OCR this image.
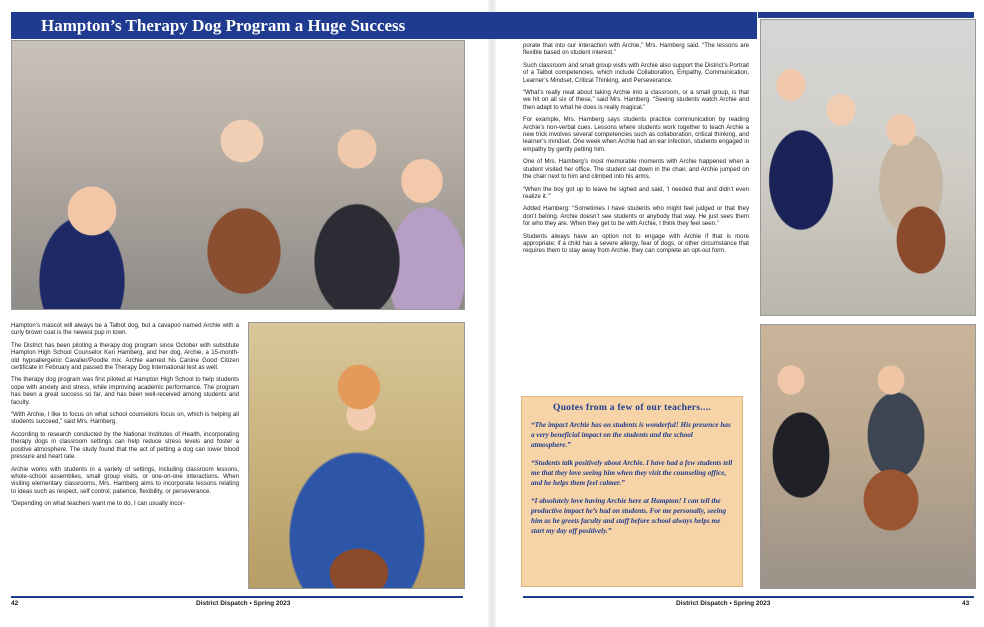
Hampton’s Therapy Dog Program a Huge Success

Hampton’s mascot will always be a Talbot dog, but a cavapoo named Archie with a curly brown coat is the newest pup in town.

The District has been piloting a therapy dog program since October with substitute Hampton High School Counselor Keri Hamberg, and her dog, Archie, a 15-month-old hypoallergenic Cavalier/Poodle mix. Archie earned his Canine Good Citizen certificate in February and passed the Therapy Dog International test as well.

The therapy dog program was first piloted at Hampton High School to help students cope with anxiety and stress, while improving academic performance. The program has been a great success so far, and has been well-received among students and faculty.

“With Archie, I like to focus on what school counselors focus on, which is helping all students succeed,” said Mrs. Hamberg.

According to research conducted by the National Institutes of Health, incorporating therapy dogs in classroom settings can help reduce stress levels and foster a positive atmosphere. The study found that the act of petting a dog can lower blood pressure and heart rate.

Archie works with students in a variety of settings, including classroom lessons, whole-school assemblies, small group visits, or one-on-one interactions. When visiting elementary classrooms, Mrs. Hamberg aims to incorporate lessons relating to ideas such as respect, self control, patience, flexibility, or perseverance.

“Depending on what teachers want me to do, I can usually incor-

porate that into our interaction with Archie,” Mrs. Hamberg said. “The lessons are flexible based on student interest.”

Such classroom and small group visits with Archie also support the District’s Portrait of a Talbot competencies, which include Collaboration, Empathy, Communication, Learner’s Mindset, Critical Thinking, and Perseverance.

“What’s really neat about taking Archie into a classroom, or a small group, is that we hit on all six of these,” said Mrs. Hamberg. “Seeing students watch Archie and then adapt to what he does is really magical.”

For example, Mrs. Hamberg says students practice communication by reading Archie’s non-verbal cues. Lessons where students work together to teach Archie a new trick involves several competencies such as collaboration, critical thinking, and learner’s mindset. One week when Archie had an ear infection, students engaged in empathy by gently petting him.

One of Mrs. Hamberg’s most memorable moments with Archie happened when a student visited her office. The student sat down in the chair, and Archie jumped on the chair next to him and climbed into his arms.

“When the boy got up to leave he sighed and said, ‘I needed that and didn’t even realize it.’”

Added Hamberg: “Sometimes I have students who might feel judged or that they don’t belong. Archie doesn’t see students or anybody that way. He just sees them for who they are. When they get to be with Archie, I think they feel seen.”

Students always have an option not to engage with Archie if that is more appropriate; if a child has a severe allergy, fear of dogs, or other circumstance that requires them to stay away from Archie, they can complete an opt-out form.

Quotes from a few of our teachers....

“The impact Archie has on students is wonderful! His presence has a very beneficial impact on the students and the school atmosphere.”

“Students talk positively about Archie. I have had a few students tell me that they love seeing him when they visit the counseling office, and he helps them feel calmer.”

“I absolutely love having Archie here at Hampton! I can tell the productive impact he’s had on students. For me personally, seeing him as he greets faculty and staff before school always helps me start my day off positively.”

42	District Dispatch • Spring 2023	District Dispatch • Spring 2023	43
